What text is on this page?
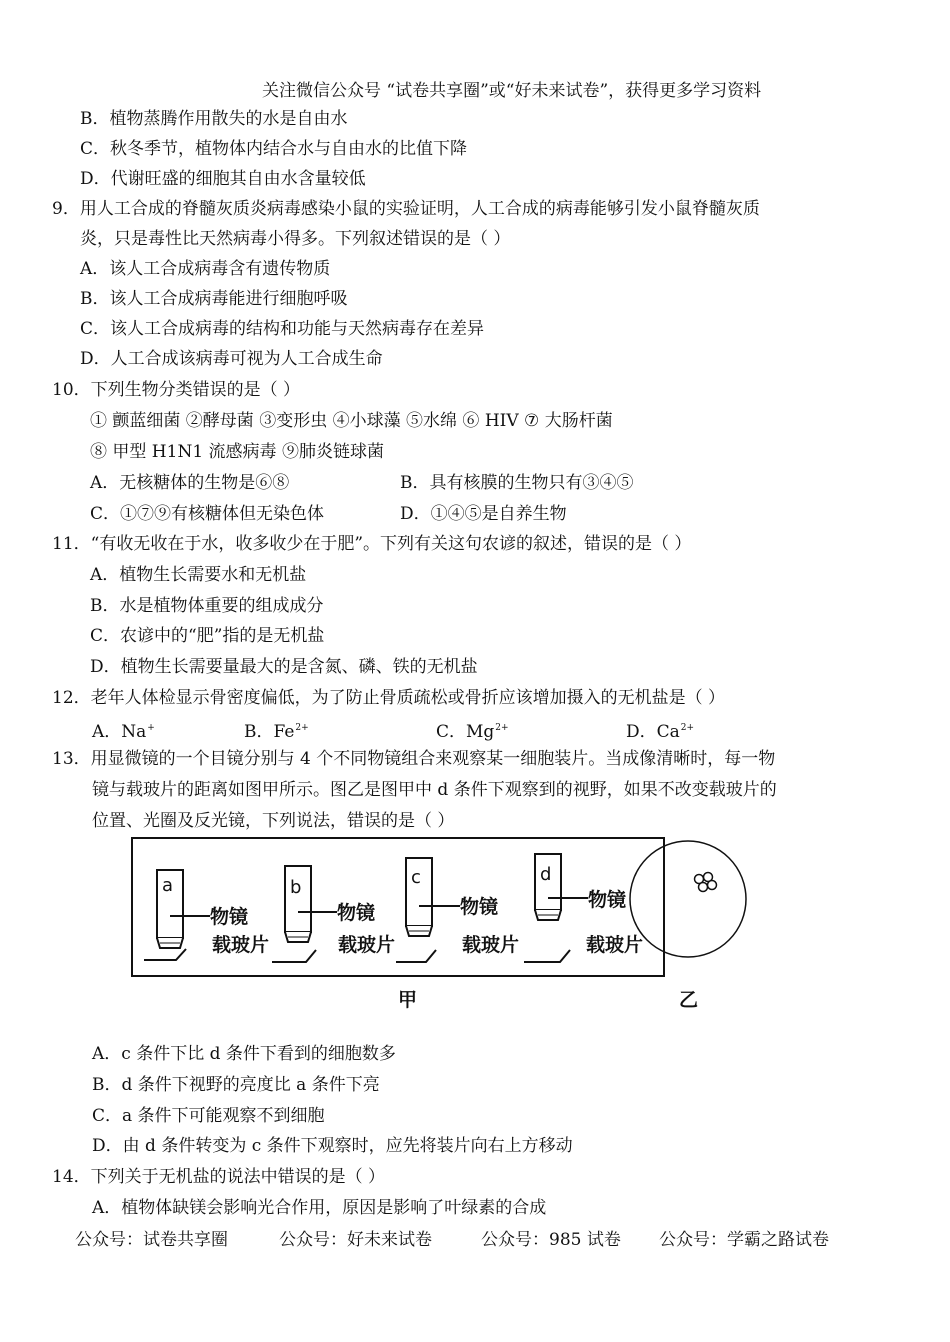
关注微信公众号 “试卷共享圈”或“好未来试卷”，获得更多学习资料
B．植物蒸腾作用散失的水是自由水
C．秋冬季节，植物体内结合水与自由水的比值下降
D．代谢旺盛的细胞其自由水含量较低
9．用人工合成的脊髓灰质炎病毒感染小鼠的实验证明，人工合成的病毒能够引发小鼠脊髓灰质
炎，只是毒性比天然病毒小得多。下列叙述错误的是（ ）
A．该人工合成病毒含有遗传物质
B．该人工合成病毒能进行细胞呼吸
C．该人工合成病毒的结构和功能与天然病毒存在差异
D．人工合成该病毒可视为人工合成生命
10．下列生物分类错误的是（ ）
① 颤蓝细菌 ②酵母菌 ③变形虫 ④小球藻 ⑤水绵 ⑥ HIV ⑦ 大肠杆菌
⑧ 甲型 H1N1 流感病毒 ⑨肺炎链球菌
A．无核糖体的生物是⑥⑧	B．具有核膜的生物只有③④⑤
C．①⑦⑨有核糖体但无染色体	D．①④⑤是自养生物
11．“有收无收在于水，收多收少在于肥”。下列有关这句农谚的叙述，错误的是（ ）
A．植物生长需要水和无机盐
B．水是植物体重要的组成成分
C．农谚中的“肥”指的是无机盐
D．植物生长需要量最大的是含氮、磷、铁的无机盐
12．老年人体检显示骨密度偏低，为了防止骨质疏松或骨折应该增加摄入的无机盐是（ ）
A．Na+	B．$Fe^{2+}$	C．$Mg^{2+}$	D．$Ca^{2+}$
13．用显微镜的一个目镜分别与 4 个不同物镜组合来观察某一细胞装片。当成像清晰时，每一物
镜与载玻片的距离如图甲所示。图乙是图甲中 d 条件下观察到的视野，如果不改变载玻片的
位置、光圈及反光镜，下列说法，错误的是（ ）
a
物镜
载玻片
b
物镜
载玻片
c
物镜
载玻片
d
物镜
载玻片
甲	乙
A．c 条件下比 d 条件下看到的细胞数多
B．d 条件下视野的亮度比 a 条件下亮
C．a 条件下可能观察不到细胞
D．由 d 条件转变为 c 条件下观察时，应先将装片向右上方移动
14．下列关于无机盐的说法中错误的是（ ）
A．植物体缺镁会影响光合作用，原因是影响了叶绿素的合成
公众号：试卷共享圈	公众号：好未来试卷	公众号：985 试卷 公众号：学霸之路试卷
